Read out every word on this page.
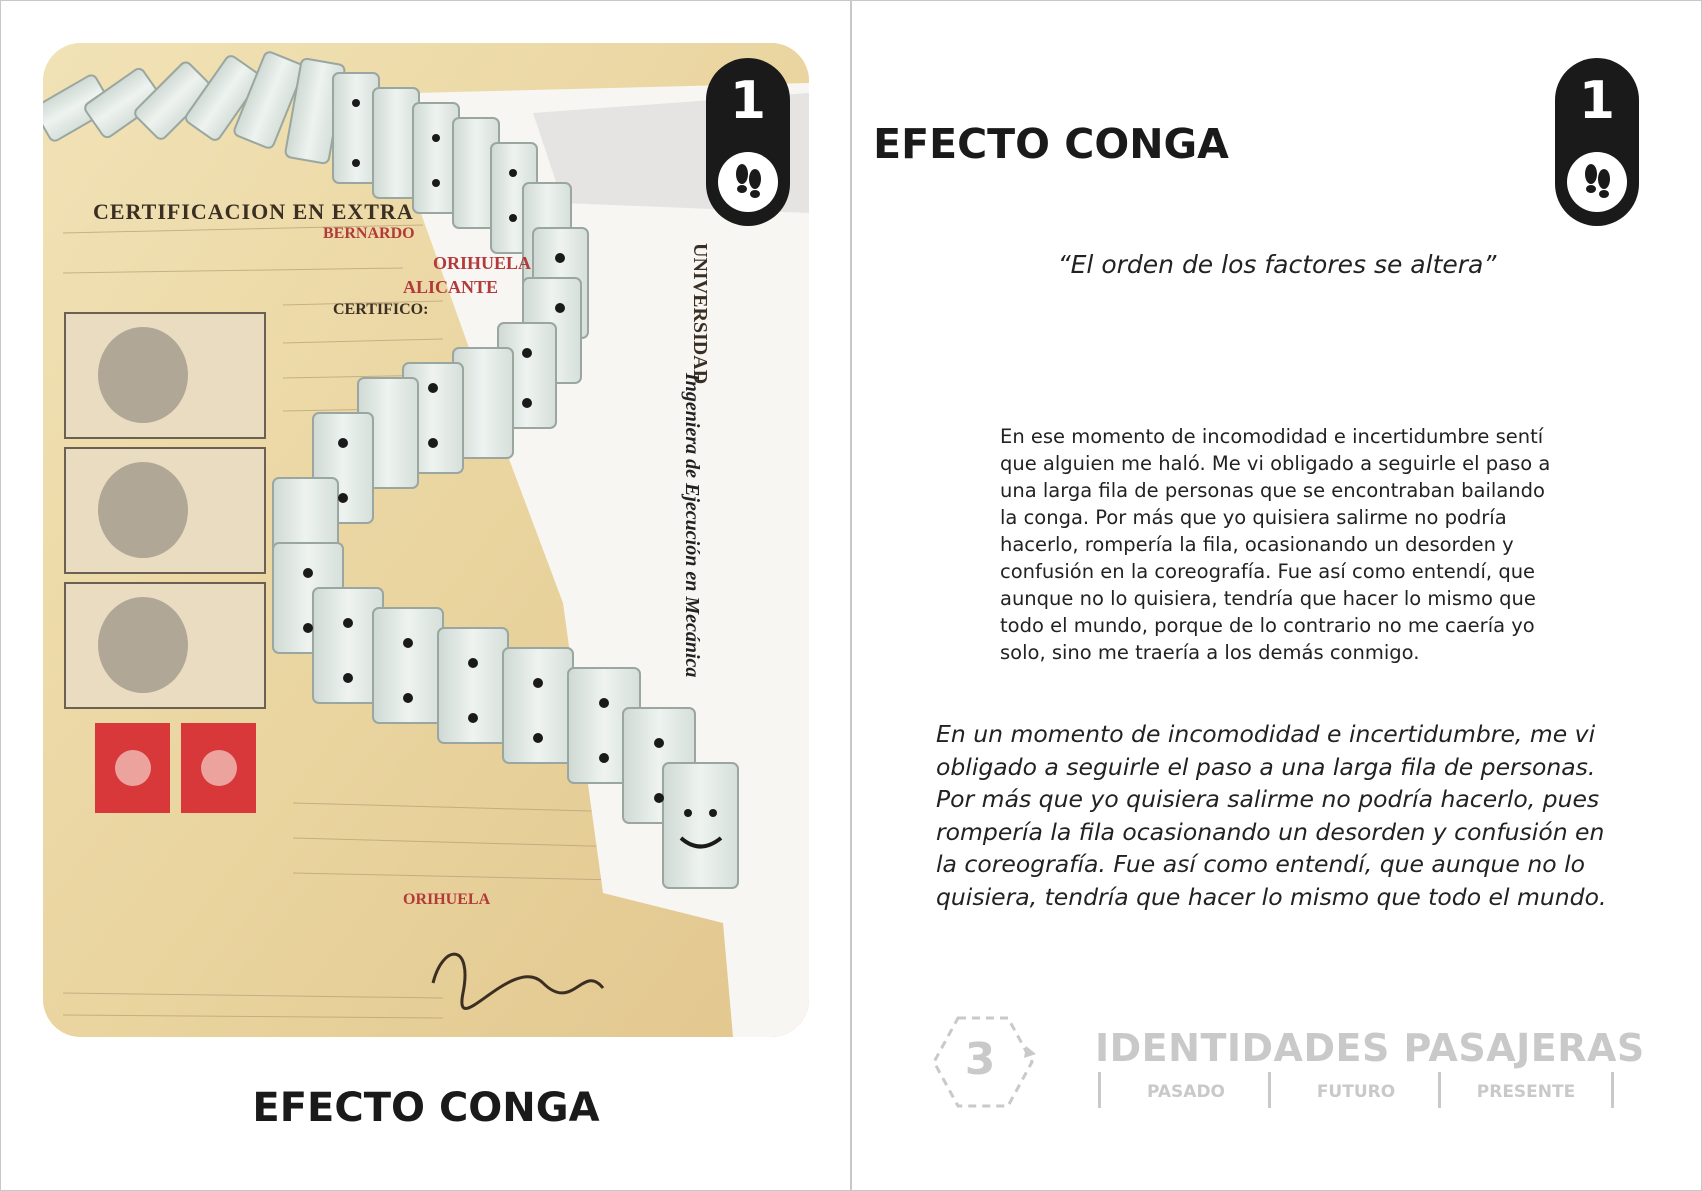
CERTIFICACION EN EXTRA
BERNARDO
ORIHUELA
ALICANTE
CERTIFICO:
ORIHUELA
UNIVERSIDAD
Ingeniera de Ejecución en Mecánica
1
EFECTO CONGA
EFECTO CONGA
1
“El orden de los factores se altera”
En ese momento de incomodidad e incertidumbre sentí que alguien me haló. Me vi obligado a seguirle el paso a una larga fila de personas que se encontraban bailando la conga. Por más que yo quisiera salirme no podría hacerlo, rompería la fila, ocasionando un desorden y confusión en la coreografía. Fue así como entendí, que aunque no lo quisiera, tendría que hacer lo mismo que todo el mundo, porque de lo contrario no me caería yo solo, sino me traería a los demás conmigo.
En un momento de incomodidad e incertidumbre, me vi obligado a seguirle el paso a una larga fila de personas. Por más que yo quisiera salirme no podría hacerlo, pues rompería la fila ocasionando un desorden y confusión en la coreografía. Fue así como entendí, que aunque no lo quisiera, tendría que hacer lo mismo que todo el mundo.
3	IDENTIDADES PASAJERAS
PASADO	FUTURO	PRESENTE
